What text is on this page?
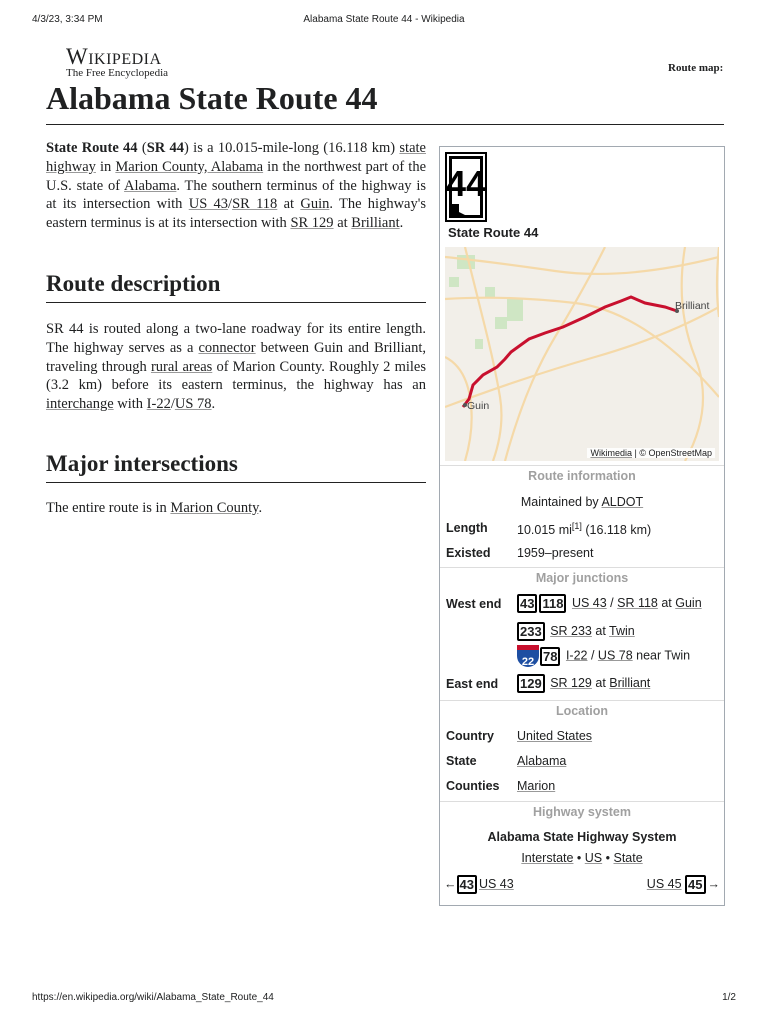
4/3/23, 3:34 PM	Alabama State Route 44 - Wikipedia
Wikipedia
The Free Encyclopedia	Route map:
Alabama State Route 44

State Route 44 (SR 44) is a 10.015-mile-long (16.118 km) state highway in Marion County, Alabama in the northwest part of the U.S. state of Alabama. The southern terminus of the highway is at its intersection with US 43/SR 118 at Guin. The highway's eastern terminus is at its intersection with SR 129 at Brilliant.

Route description

SR 44 is routed along a two-lane roadway for its entire length. The highway serves as a connector between Guin and Brilliant, traveling through rural areas of Marion County. Roughly 2 miles (3.2 km) before its eastern terminus, the highway has an interchange with I-22/US 78.

Major intersections

The entire route is in Marion County.

44
State Route 44
Brilliant
Guin
Wikimedia | © OpenStreetMap
Route information
Maintained by ALDOT
Length 10.015 mi[1] (16.118 km)
Existed 1959–present
Major junctions
West end 43 118 US 43 / SR 118 at Guin
233 SR 233 at Twin
22 78 I-22 / US 78 near Twin
East end 129 SR 129 at Brilliant
Location
Country United States
State	Alabama
Counties Marion
Highway system
Alabama State Highway System
Interstate • US • State
← 43 US 43	US 45 45 →
https://en.wikipedia.org/wiki/Alabama_State_Route_44	1/2
